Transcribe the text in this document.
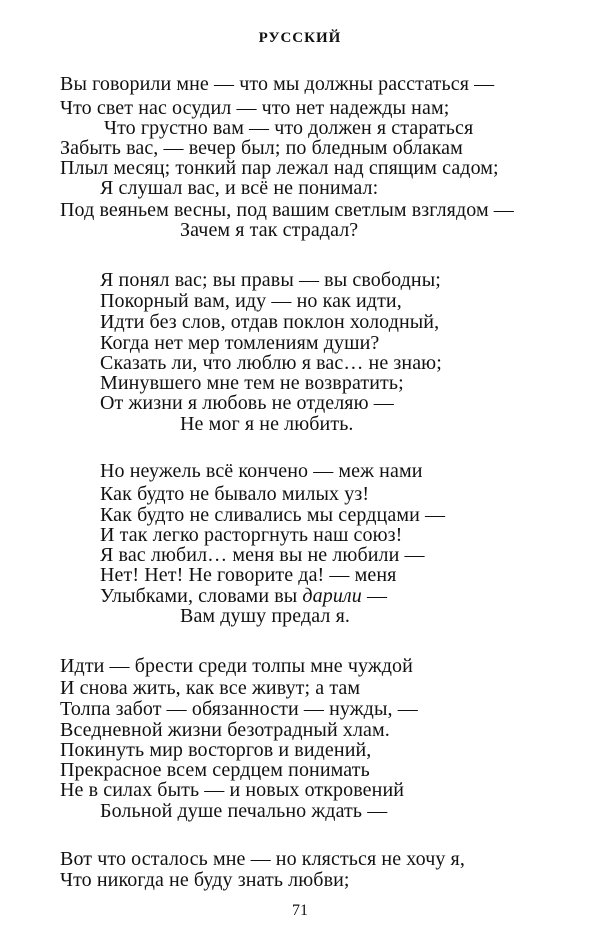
РУССКИЙ
Вы говорили мне — что мы должны расстаться —
Что свет нас осудил — что нет надежды нам;
Что грустно вам — что должен я стараться
Забыть вас, — вечер был; по бледным облакам
Плыл месяц; тонкий пар лежал над спящим садом;
Я слушал вас, и всё не понимал:
Под веяньем весны, под вашим светлым взглядом —
Зачем я так страдал?
Я понял вас; вы правы — вы свободны;
Покорный вам, иду — но как идти,
Идти без слов, отдав поклон холодный,
Когда нет мер томлениям души?
Сказать ли, что люблю я вас… не знаю;
Минувшего мне тем не возвратить;
От жизни я любовь не отделяю —
Не мог я не любить.
Но неужель всё кончено — меж нами
Как будто не бывало милых уз!
Как будто не сливались мы сердцами —
И так легко расторгнуть наш союз!
Я вас любил… меня вы не любили —
Нет! Нет! Не говорите да! — меня
Улыбками, словами вы дарили —
Вам душу предал я.
Идти — брести среди толпы мне чуждой
И снова жить, как все живут; а там
Толпа забот — обязанности — нужды, —
Вседневной жизни безотрадный хлам.
Покинуть мир восторгов и видений,
Прекрасное всем сердцем понимать
Не в силах быть — и новых откровений
Больной душе печально ждать —
Вот что осталось мне — но клясться не хочу я,
Что никогда не буду знать любви;
71
